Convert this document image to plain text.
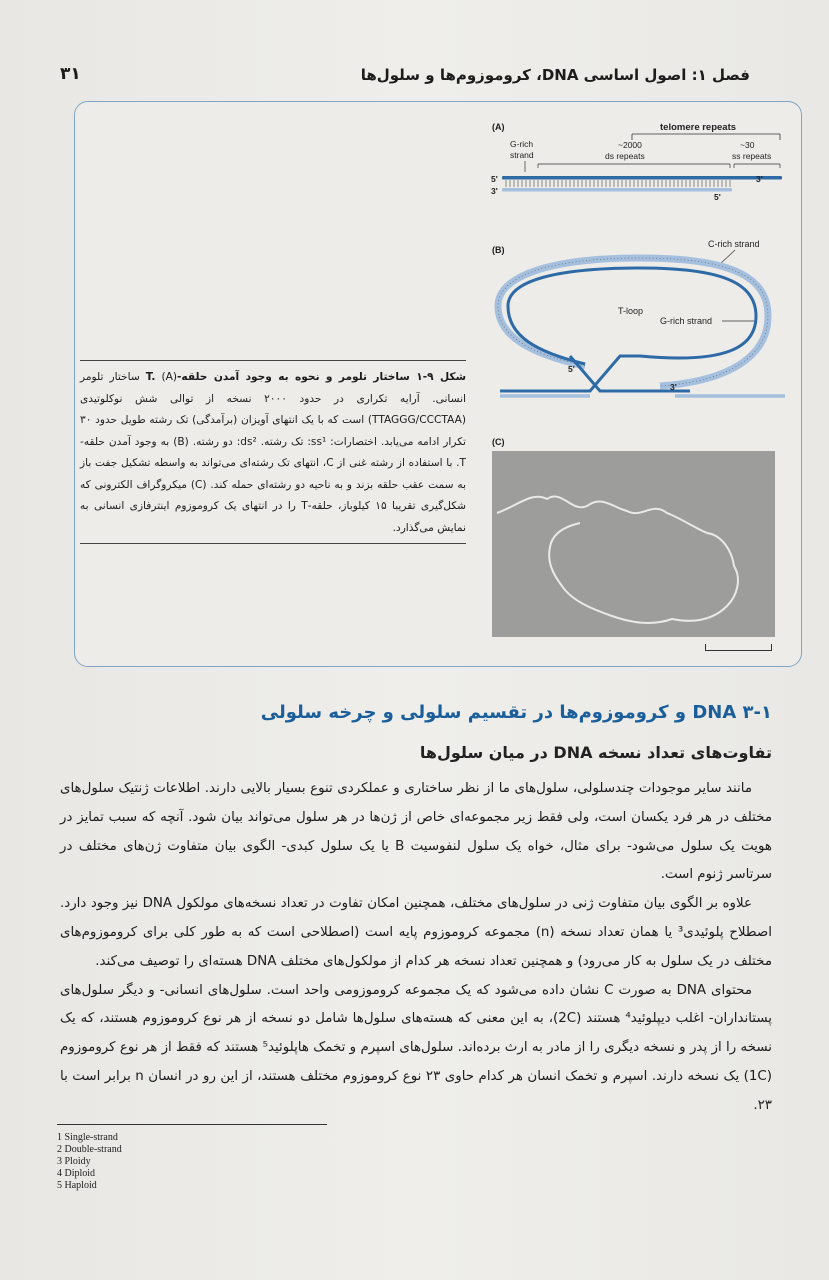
فصل ۱: اصول اساسی DNA، کروموزوم‌ها و سلول‌ها
۳۱
(A)	telomere repeats
G-rich
strand
~2000
ds repeats
~30
ss repeats
5'	3'
3'
5'
(B)
C-rich strand
T-loop
G-rich strand
5'
3'
(C)
شکل ۹-۱ ساختار تلومر و نحوه به وجود آمدن حلقه-T. (A) ساختار تلومر انسانی. آرایه تکراری در حدود ۲۰۰۰ نسخه از توالی شش نوکلوتیدی (TTAGGG/CCCTAA) است که با یک انتهای آویزان (برآمدگی) تک رشته طویل حدود ۳۰ تکرار ادامه می‌یابد. اختصارات: ss¹: تک رشته. ds²: دو رشته. (B) به وجود آمدن حلقه-T. با استفاده از رشته غنی از C، انتهای تک رشته‌ای می‌تواند به واسطه تشکیل جفت باز به سمت عقب حلقه بزند و به ناحیه دو رشته‌ای حمله کند. (C) میکروگراف الکترونی که شکل‌گیری تقریبا ۱۵ کیلوباز، حلقه-T را در انتهای یک کروموزوم اینترفازی انسانی به نمایش می‌گذارد.
۳-۱ DNA و کروموزوم‌ها در تقسیم سلولی و چرخه سلولی
تفاوت‌های تعداد نسخه DNA در میان سلول‌ها

مانند سایر موجودات چندسلولی، سلول‌های ما از نظر ساختاری و عملکردی تنوع بسیار بالایی دارند. اطلاعات ژنتیک سلول‌های مختلف در هر فرد یکسان است، ولی فقط زیر مجموعه‌ای خاص از ژن‌ها در هر سلول می‌تواند بیان شود. آنچه که سبب تمایز در هویت یک سلول می‌شود- برای مثال، خواه یک سلول لنفوسیت B یا یک سلول کبدی- الگوی بیان متفاوت ژن‌های مختلف در سرتاسر ژنوم است.

علاوه بر الگوی بیان متفاوت ژنی در سلول‌های مختلف، همچنین امکان تفاوت در تعداد نسخه‌های مولکول DNA نیز وجود دارد. اصطلاح پلوئیدی³ یا همان تعداد نسخه (n) مجموعه کروموزوم پایه است (اصطلاحی است که به طور کلی برای کروموزوم‌های مختلف در یک سلول به کار می‌رود) و همچنین تعداد نسخه هر کدام از مولکول‌های مختلف DNA هسته‌ای را توصیف می‌کند.

محتوای DNA به صورت C نشان داده می‌شود که یک مجموعه کروموزومی واحد است. سلول‌های انسانی- و دیگر سلول‌های پستانداران- اغلب دیپلوئید⁴ هستند (2C)، به این معنی که هسته‌های سلول‌ها شامل دو نسخه از هر نوع کروموزوم هستند، که یک نسخه را از پدر و نسخه دیگری را از مادر به ارث برده‌اند. سلول‌های اسپرم و تخمک هاپلوئید⁵ هستند که فقط از هر نوع کروموزوم (1C) یک نسخه دارند. اسپرم و تخمک انسان هر کدام حاوی ۲۳ نوع کروموزوم مختلف هستند، از این رو در انسان n برابر است با ۲۳.

1 Single-strand
2 Double-strand
3 Ploidy
4 Diploid
5 Haploid
